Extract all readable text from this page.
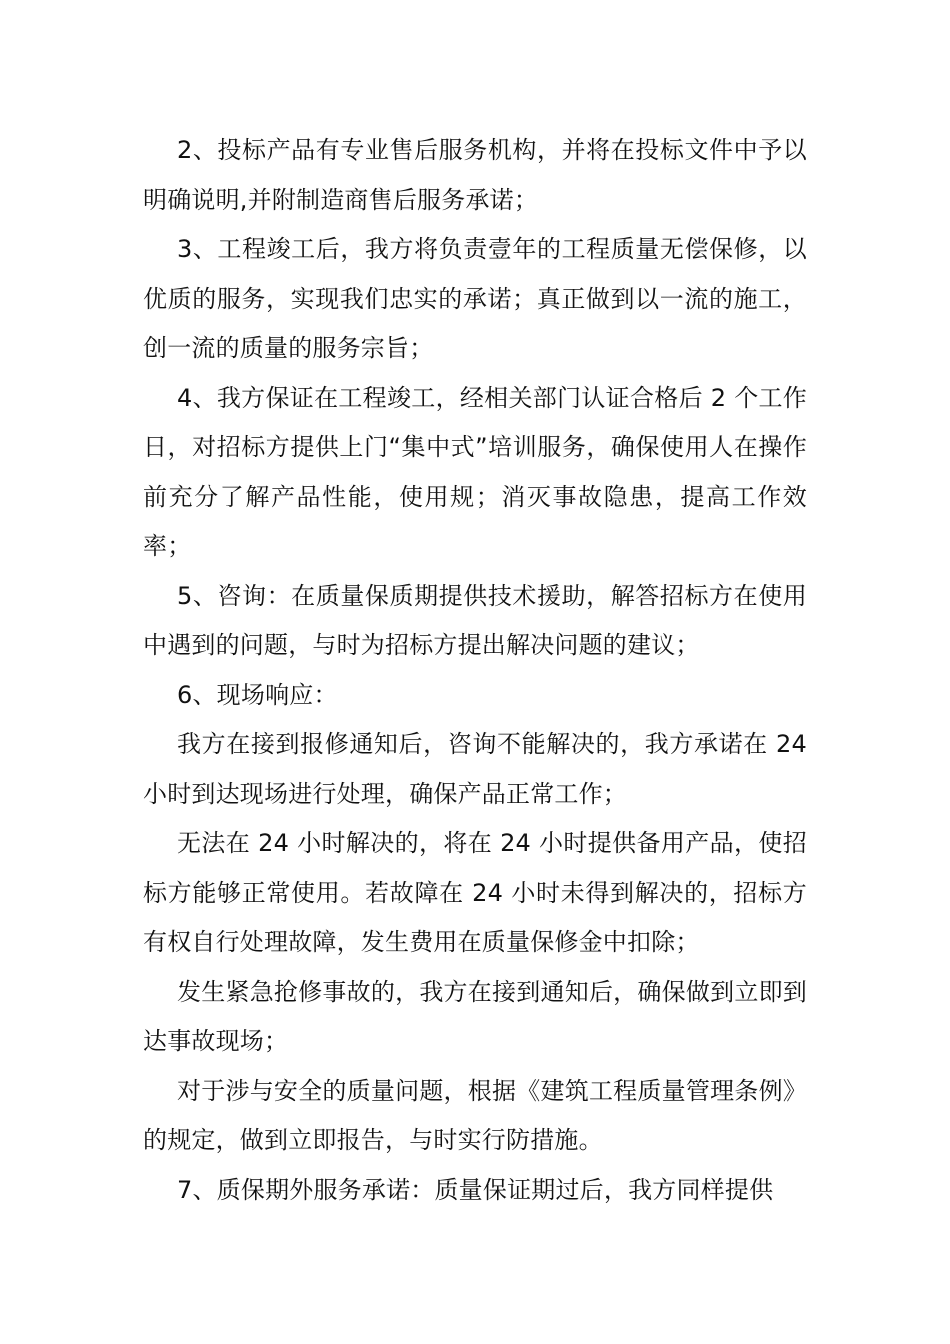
2、投标产品有专业售后服务机构，并将在投标文件中予以明确说明,并附制造商售后服务承诺；

3、工程竣工后，我方将负责壹年的工程质量无偿保修，以优质的服务，实现我们忠实的承诺；真正做到以一流的施工，创一流的质量的服务宗旨；

4、我方保证在工程竣工，经相关部门认证合格后 2 个工作日，对招标方提供上门“集中式”培训服务，确保使用人在操作前充分了解产品性能，使用规；消灭事故隐患，提高工作效率；

5、咨询：在质量保质期提供技术援助，解答招标方在使用中遇到的问题，与时为招标方提出解决问题的建议；

6、现场响应：

我方在接到报修通知后，咨询不能解决的，我方承诺在 24 小时到达现场进行处理，确保产品正常工作；

无法在 24 小时解决的，将在 24 小时提供备用产品，使招标方能够正常使用。若故障在 24 小时未得到解决的，招标方有权自行处理故障，发生费用在质量保修金中扣除；

发生紧急抢修事故的，我方在接到通知后，确保做到立即到达事故现场；

对于涉与安全的质量问题，根据《建筑工程质量管理条例》的规定，做到立即报告，与时实行防措施。

7、质保期外服务承诺：质量保证期过后，我方同样提供
